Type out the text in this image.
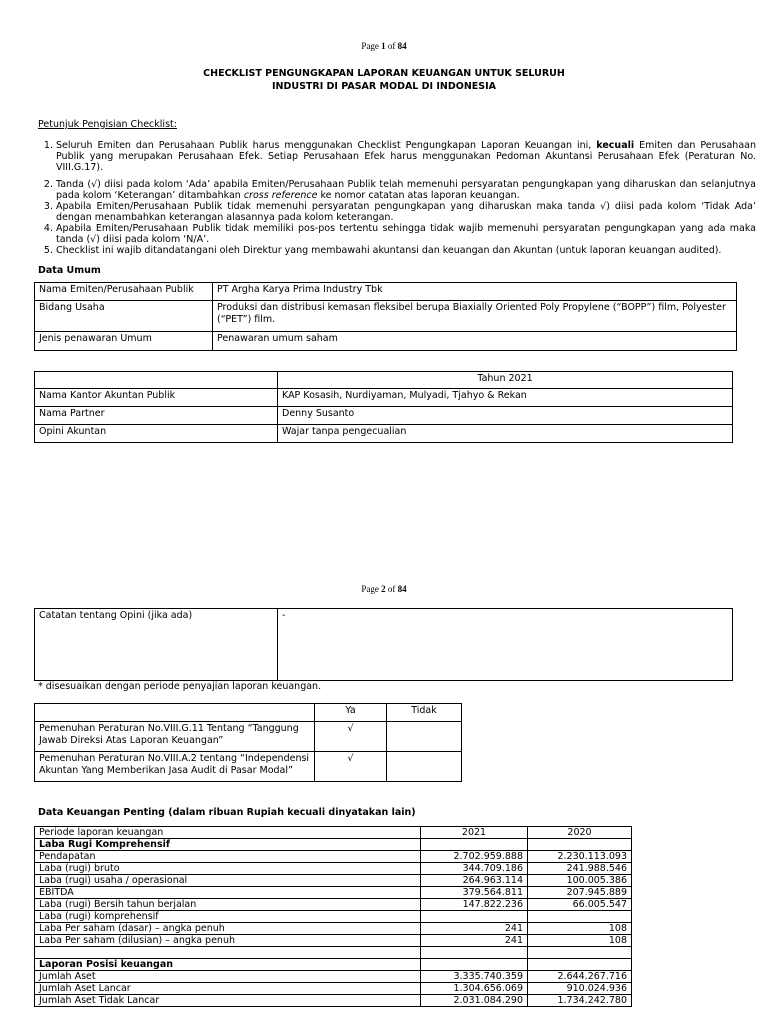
Page 1 of 84
CHECKLIST PENGUNGKAPAN LAPORAN KEUANGAN UNTUK SELURUH
INDUSTRI DI PASAR MODAL DI INDONESIA
Petunjuk Pengisian Checklist:
1. Seluruh Emiten dan Perusahaan Publik harus menggunakan Checklist Pengungkapan Laporan Keuangan ini, kecuali Emiten dan Perusahaan Publik yang merupakan Perusahaan Efek. Setiap Perusahaan Efek harus menggunakan Pedoman Akuntansi Perusahaan Efek (Peraturan No. VIII.G.17).
2. Tanda (√) diisi pada kolom ‘Ada’ apabila Emiten/Perusahaan Publik telah memenuhi persyaratan pengungkapan yang diharuskan dan selanjutnya pada kolom ‘Keterangan’ ditambahkan cross reference ke nomor catatan atas laporan keuangan.
3. Apabila Emiten/Perusahaan Publik tidak memenuhi persyaratan pengungkapan yang diharuskan maka tanda √) diisi pada kolom ‘Tidak Ada’ dengan menambahkan keterangan alasannya pada kolom keterangan.
4. Apabila Emiten/Perusahaan Publik tidak memiliki pos-pos tertentu sehingga tidak wajib memenuhi persyaratan pengungkapan yang ada maka tanda (√) diisi pada kolom ‘N/A’.
5. Checklist ini wajib ditandatangani oleh Direktur yang membawahi akuntansi dan keuangan dan Akuntan (untuk laporan keuangan audited).
Data Umum
Nama Emiten/Perusahaan Publik	PT Argha Karya Prima Industry Tbk
Bidang Usaha	Produksi dan distribusi kemasan fleksibel berupa Biaxially Oriented Poly Propylene (“BOPP”) film, Polyester (“PET”) film.
Jenis penawaran Umum	Penawaran umum saham
	Tahun 2021
Nama Kantor Akuntan Publik	KAP Kosasih, Nurdiyaman, Mulyadi, Tjahyo & Rekan
Nama Partner	Denny Susanto
Opini Akuntan	Wajar tanpa pengecualian
Page 2 of 84
Catatan tentang Opini (jika ada)	-
* disesuaikan dengan periode penyajian laporan keuangan.
	Ya	Tidak
Pemenuhan Peraturan No.VIII.G.11 Tentang “Tanggung Jawab Direksi Atas Laporan Keuangan”	√	
Pemenuhan Peraturan No.VIII.A.2 tentang “Independensi Akuntan Yang Memberikan Jasa Audit di Pasar Modal”	√	
Data Keuangan Penting (dalam ribuan Rupiah kecuali dinyatakan lain)
Periode laporan keuangan	2021	2020
Laba Rugi Komprehensif		
Pendapatan	2.702.959.888	2.230.113.093
Laba (rugi) bruto	344.709.186	241.988.546
Laba (rugi) usaha / operasional	264.963.114	100.005.386
EBITDA	379.564.811	207.945.889
Laba (rugi) Bersih tahun berjalan	147.822.236	66.005.547
Laba (rugi) komprehensif		
Laba Per saham (dasar) – angka penuh	241	108
Laba Per saham (dilusian) – angka penuh	241	108

Laporan Posisi keuangan		
Jumlah Aset	3.335.740.359	2.644.267.716
Jumlah Aset Lancar	1.304.656.069	910.024.936
Jumlah Aset Tidak Lancar	2.031.084.290	1.734.242.780
